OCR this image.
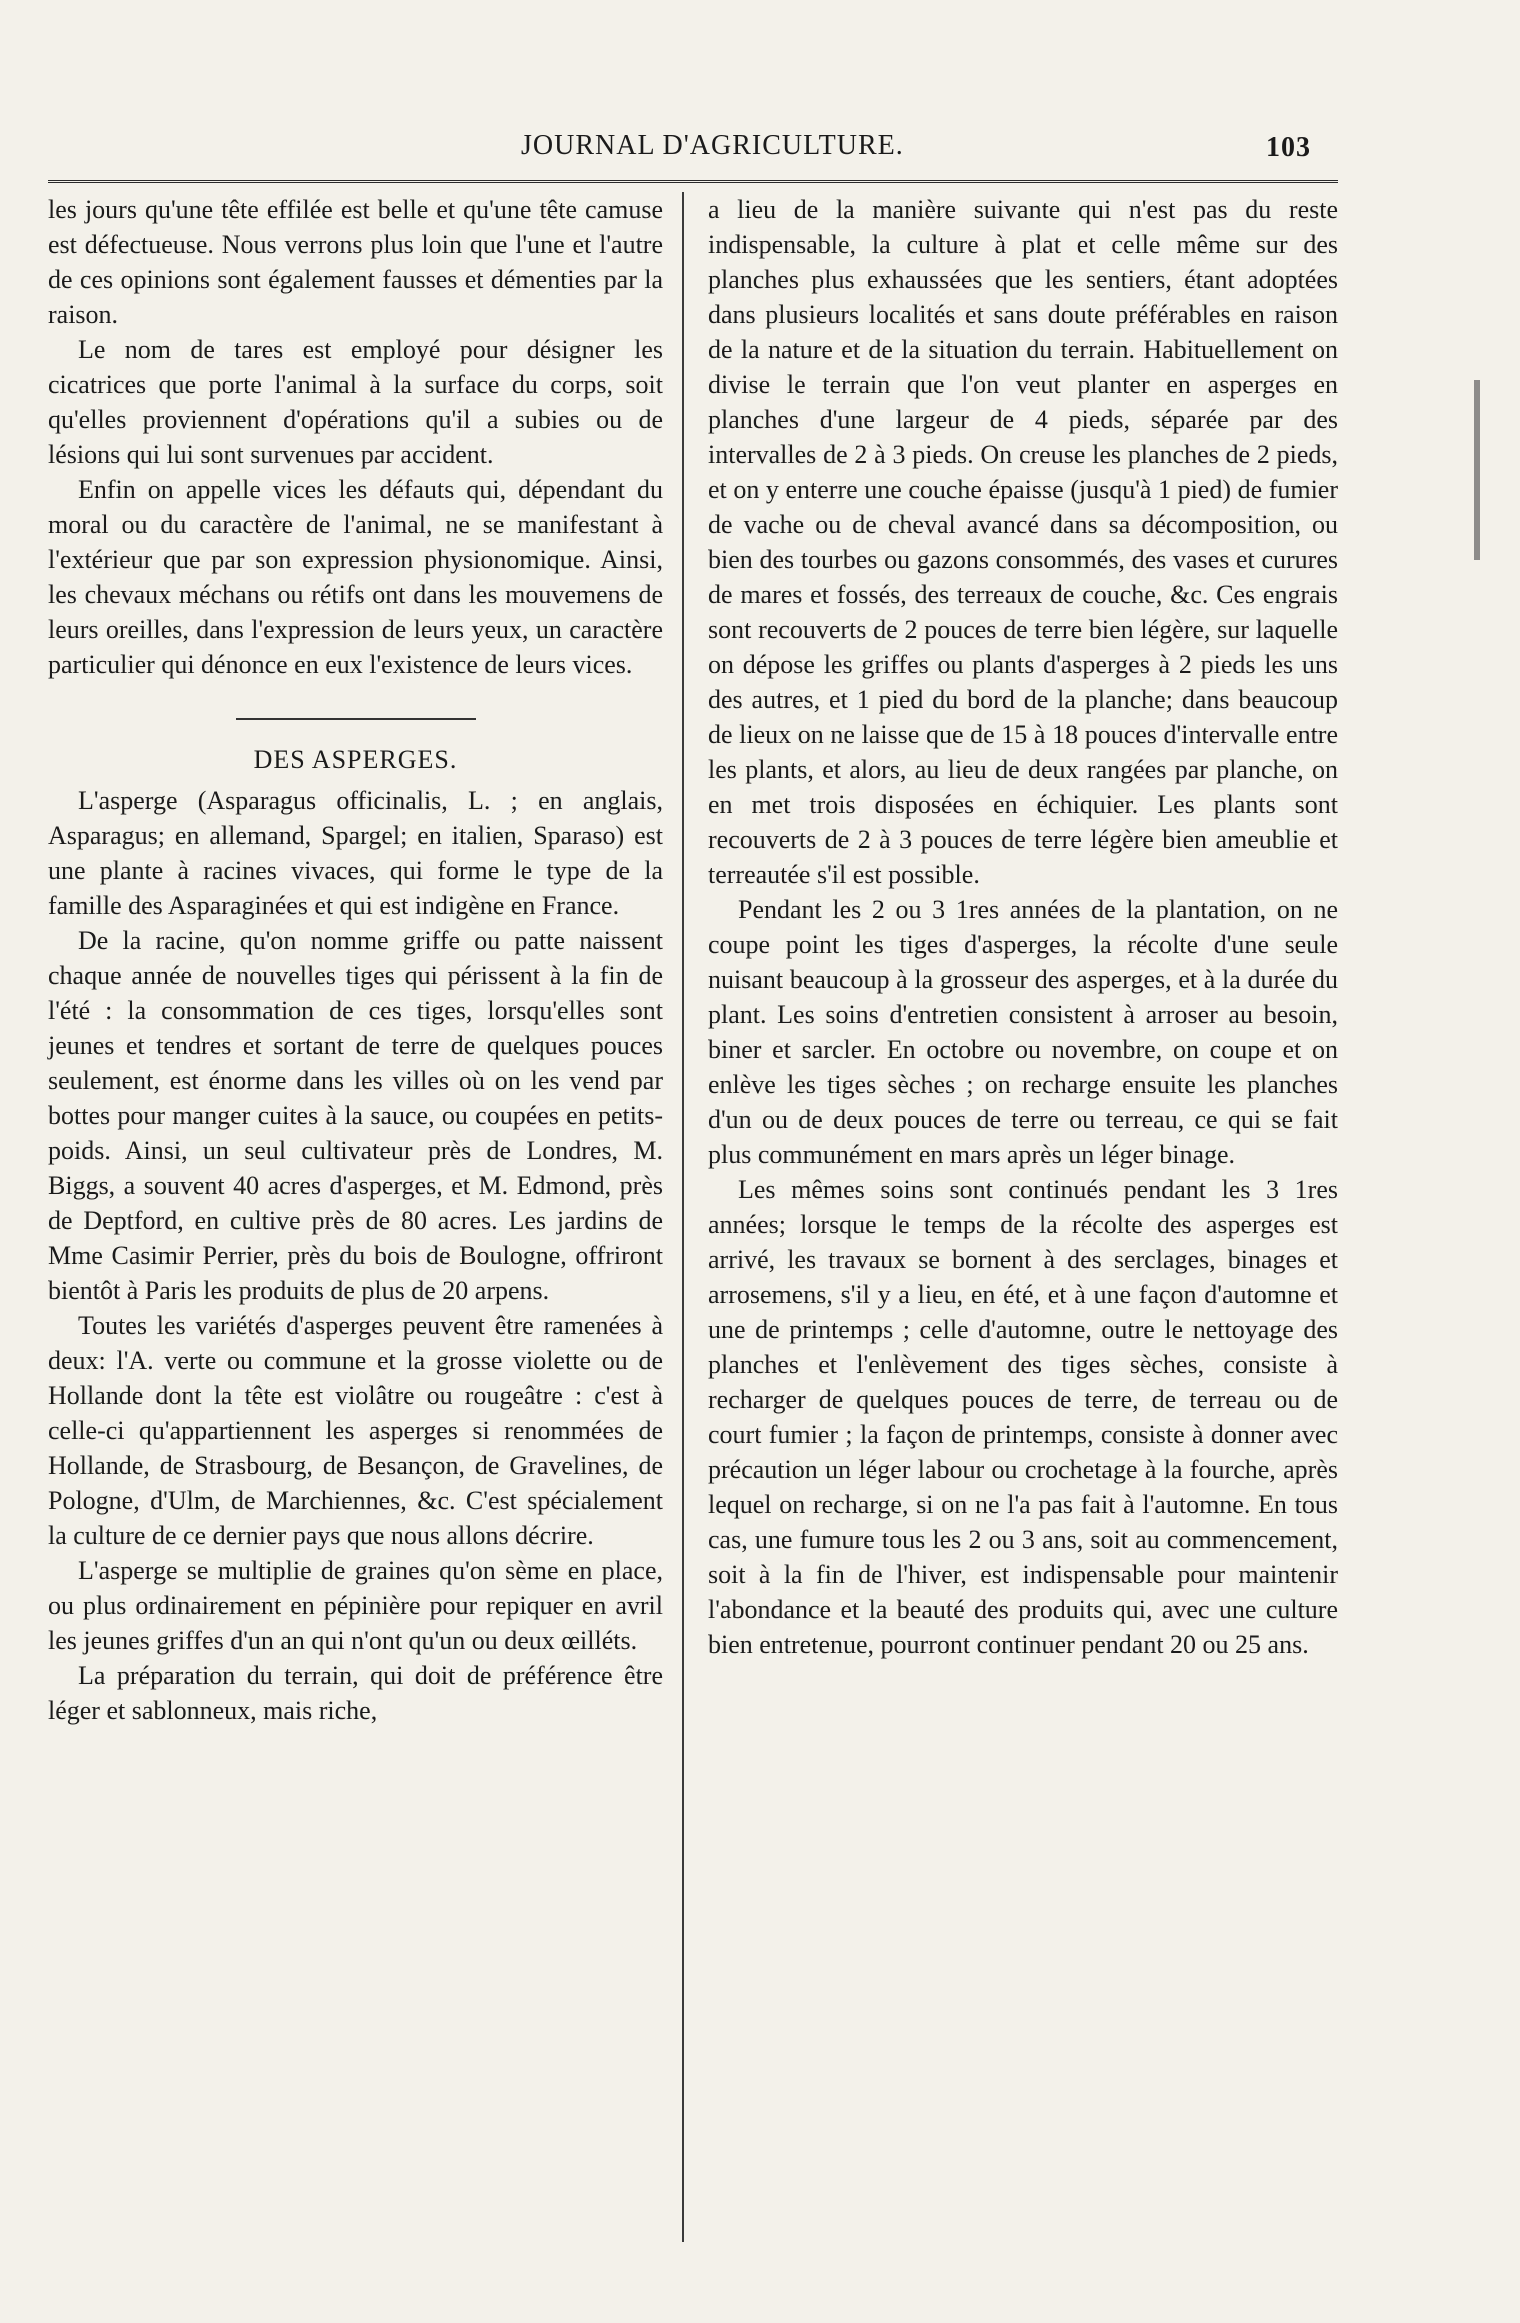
JOURNAL D'AGRICULTURE.	103

les jours qu'une tête effilée est belle et qu'une tête camuse est défectueuse. Nous verrons plus loin que l'une et l'autre de ces opinions sont également fausses et démenties par la raison.

Le nom de tares est employé pour désigner les cicatrices que porte l'animal à la surface du corps, soit qu'elles proviennent d'opérations qu'il a subies ou de lésions qui lui sont survenues par accident.

Enfin on appelle vices les défauts qui, dépendant du moral ou du caractère de l'animal, ne se manifestant à l'extérieur que par son expression physionomique. Ainsi, les chevaux méchans ou rétifs ont dans les mouvemens de leurs oreilles, dans l'expression de leurs yeux, un caractère particulier qui dénonce en eux l'existence de leurs vices.

DES ASPERGES.

L'asperge (Asparagus officinalis, L. ; en anglais, Asparagus; en allemand, Spargel; en italien, Sparaso) est une plante à racines vivaces, qui forme le type de la famille des Asparaginées et qui est indigène en France.

De la racine, qu'on nomme griffe ou patte naissent chaque année de nouvelles tiges qui périssent à la fin de l'été : la consommation de ces tiges, lorsqu'elles sont jeunes et tendres et sortant de terre de quelques pouces seulement, est énorme dans les villes où on les vend par bottes pour manger cuites à la sauce, ou coupées en petits-poids. Ainsi, un seul cultivateur près de Londres, M. Biggs, a souvent 40 acres d'asperges, et M. Edmond, près de Deptford, en cultive près de 80 acres. Les jardins de Mme Casimir Perrier, près du bois de Boulogne, offriront bientôt à Paris les produits de plus de 20 arpens.

Toutes les variétés d'asperges peuvent être ramenées à deux: l'A. verte ou commune et la grosse violette ou de Hollande dont la tête est violâtre ou rougeâtre : c'est à celle-ci qu'appartiennent les asperges si renommées de Hollande, de Strasbourg, de Besançon, de Gravelines, de Pologne, d'Ulm, de Marchiennes, &c. C'est spécialement la culture de ce dernier pays que nous allons décrire.

L'asperge se multiplie de graines qu'on sème en place, ou plus ordinairement en pépinière pour repiquer en avril les jeunes griffes d'un an qui n'ont qu'un ou deux œilléts.

La préparation du terrain, qui doit de préférence être léger et sablonneux, mais riche,

a lieu de la manière suivante qui n'est pas du reste indispensable, la culture à plat et celle même sur des planches plus exhaussées que les sentiers, étant adoptées dans plusieurs localités et sans doute préférables en raison de la nature et de la situation du terrain. Habituellement on divise le terrain que l'on veut planter en asperges en planches d'une largeur de 4 pieds, séparée par des intervalles de 2 à 3 pieds. On creuse les planches de 2 pieds, et on y enterre une couche épaisse (jusqu'à 1 pied) de fumier de vache ou de cheval avancé dans sa décomposition, ou bien des tourbes ou gazons consommés, des vases et curures de mares et fossés, des terreaux de couche, &c. Ces engrais sont recouverts de 2 pouces de terre bien légère, sur laquelle on dépose les griffes ou plants d'asperges à 2 pieds les uns des autres, et 1 pied du bord de la planche; dans beaucoup de lieux on ne laisse que de 15 à 18 pouces d'intervalle entre les plants, et alors, au lieu de deux rangées par planche, on en met trois disposées en échiquier. Les plants sont recouverts de 2 à 3 pouces de terre légère bien ameublie et terreautée s'il est possible.

Pendant les 2 ou 3 1res années de la plantation, on ne coupe point les tiges d'asperges, la récolte d'une seule nuisant beaucoup à la grosseur des asperges, et à la durée du plant. Les soins d'entretien consistent à arroser au besoin, biner et sarcler. En octobre ou novembre, on coupe et on enlève les tiges sèches ; on recharge ensuite les planches d'un ou de deux pouces de terre ou terreau, ce qui se fait plus communément en mars après un léger binage.

Les mêmes soins sont continués pendant les 3 1res années; lorsque le temps de la récolte des asperges est arrivé, les travaux se bornent à des serclages, binages et arrosemens, s'il y a lieu, en été, et à une façon d'automne et une de printemps ; celle d'automne, outre le nettoyage des planches et l'enlèvement des tiges sèches, consiste à recharger de quelques pouces de terre, de terreau ou de court fumier ; la façon de printemps, consiste à donner avec précaution un léger labour ou crochetage à la fourche, après lequel on recharge, si on ne l'a pas fait à l'automne. En tous cas, une fumure tous les 2 ou 3 ans, soit au commencement, soit à la fin de l'hiver, est indispensable pour maintenir l'abondance et la beauté des produits qui, avec une culture bien entretenue, pourront continuer pendant 20 ou 25 ans.
